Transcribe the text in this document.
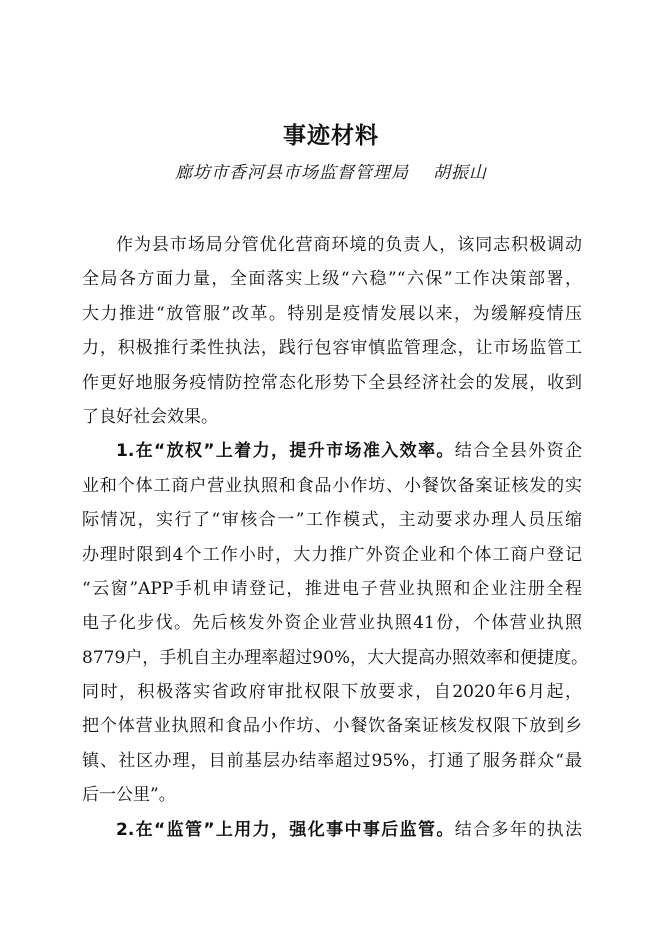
事迹材料
廊坊市香河县市场监督管理局 胡振山
作为县市场局分管优化营商环境的负责人，该同志积极调动
全局各方面力量，全面落实上级“六稳”“六保”工作决策部署，
大力推进“放管服”改革。特别是疫情发展以来，为缓解疫情压
力，积极推行柔性执法，践行包容审慎监管理念，让市场监管工
作更好地服务疫情防控常态化形势下全县经济社会的发展，收到
了良好社会效果。
1.在“放权”上着力，提升市场准入效率。结合全县外资企
业和个体工商户营业执照和食品小作坊、小餐饮备案证核发的实
际情况，实行了“审核合一”工作模式，主动要求办理人员压缩
办理时限到4个工作小时，大力推广外资企业和个体工商户登记
“云窗”APP手机申请登记，推进电子营业执照和企业注册全程
电子化步伐。先后核发外资企业营业执照41份，个体营业执照
8779户，手机自主办理率超过90%，大大提高办照效率和便捷度。
同时，积极落实省政府审批权限下放要求，自2020年6月起，
把个体营业执照和食品小作坊、小餐饮备案证核发权限下放到乡
镇、社区办理，目前基层办结率超过95%，打通了服务群众“最
后一公里”。
2.在“监管”上用力，强化事中事后监管。结合多年的执法
